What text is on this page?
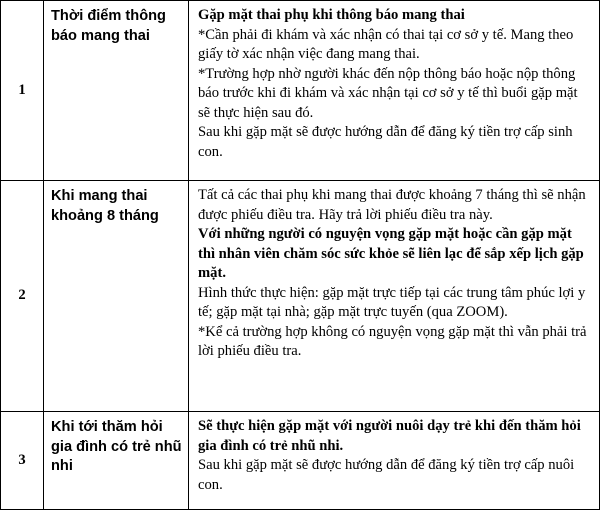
1	Thời điểm thông báo mang thai	Gặp mặt thai phụ khi thông báo mang thai
*Cần phải đi khám và xác nhận có thai tại cơ sở y tế. Mang theo giấy tờ xác nhận việc đang mang thai.
*Trường hợp nhờ người khác đến nộp thông báo hoặc nộp thông báo trước khi đi khám và xác nhận tại cơ sở y tế thì buổi gặp mặt sẽ thực hiện sau đó.
Sau khi gặp mặt sẽ được hướng dẫn để đăng ký tiền trợ cấp sinh con.

2	Khi mang thai khoảng 8 tháng	Tất cả các thai phụ khi mang thai được khoảng 7 tháng thì sẽ nhận được phiếu điều tra. Hãy trả lời phiếu điều tra này.
Với những người có nguyện vọng gặp mặt hoặc cần gặp mặt thì nhân viên chăm sóc sức khỏe sẽ liên lạc để sắp xếp lịch gặp mặt.
Hình thức thực hiện: gặp mặt trực tiếp tại các trung tâm phúc lợi y tế; gặp mặt tại nhà; gặp mặt trực tuyến (qua ZOOM).
*Kể cả trường hợp không có nguyện vọng gặp mặt thì vẫn phải trả lời phiếu điều tra.

3	Khi tới thăm hỏi gia đình có trẻ nhũ nhi	Sẽ thực hiện gặp mặt với người nuôi dạy trẻ khi đến thăm hỏi gia đình có trẻ nhũ nhi.
Sau khi gặp mặt sẽ được hướng dẫn để đăng ký tiền trợ cấp nuôi con.
